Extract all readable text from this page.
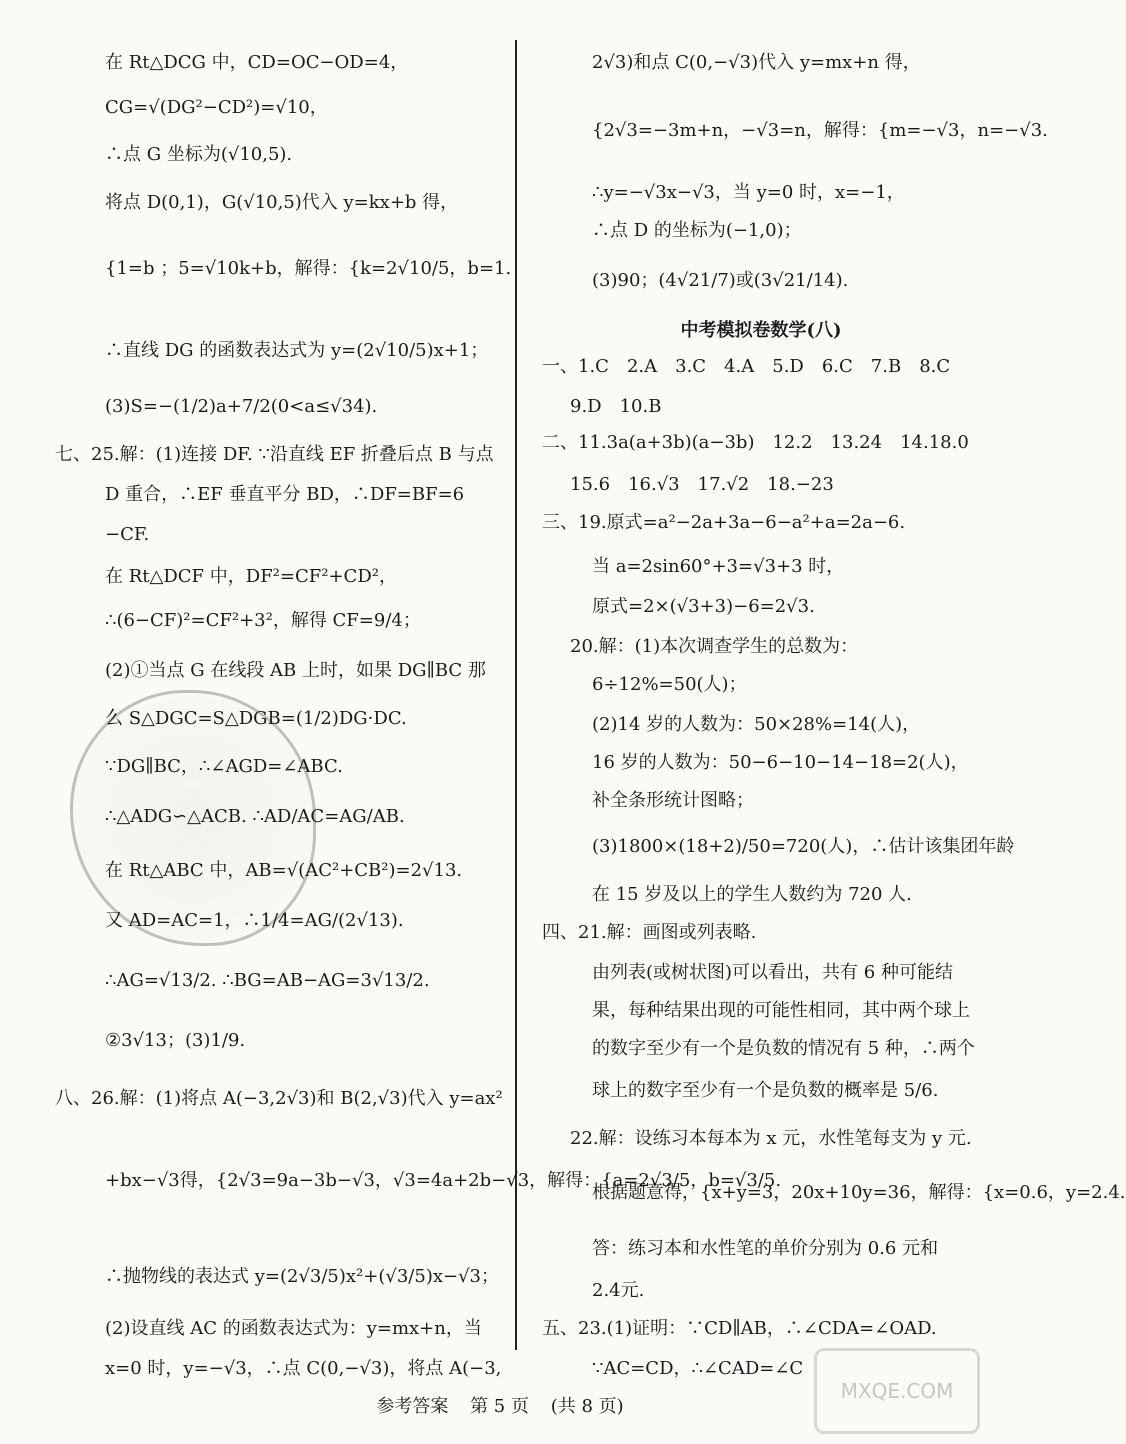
在 Rt△DCG 中，CD=OC−OD=4，
CG=√(DG²−CD²)=√10，
∴点 G 坐标为(√10,5).
将点 D(0,1)，G(√10,5)代入 y=kx+b 得，
{1=b ；5=√10k+b，解得：{k=2√10/5，b=1.
∴直线 DG 的函数表达式为 y=(2√10/5)x+1；
(3)S=−(1/2)a+7/2(0<a≤√34).
七、25.解：(1)连接 DF. ∵沿直线 EF 折叠后点 B 与点
D 重合，∴EF 垂直平分 BD，∴DF=BF=6
−CF.
在 Rt△DCF 中，DF²=CF²+CD²，
∴(6−CF)²=CF²+3²，解得 CF=9/4；
(2)①当点 G 在线段 AB 上时，如果 DG∥BC 那
么 S△DGC=S△DGB=(1/2)DG·DC.
∵DG∥BC，∴∠AGD=∠ABC.
∴△ADG∽△ACB. ∴AD/AC=AG/AB.
在 Rt△ABC 中，AB=√(AC²+CB²)=2√13.
又 AD=AC=1，∴1/4=AG/(2√13).
∴AG=√13/2. ∴BG=AB−AG=3√13/2.
②3√13；(3)1/9.
八、26.解：(1)将点 A(−3,2√3)和 B(2,√3)代入 y=ax²
+bx−√3得，{2√3=9a−3b−√3，√3=4a+2b−√3，解得：{a=2√3/5，b=√3/5.
∴抛物线的表达式 y=(2√3/5)x²+(√3/5)x−√3；
(2)设直线 AC 的函数表达式为：y=mx+n，当
x=0 时，y=−√3，∴点 C(0,−√3)，将点 A(−3,
2√3)和点 C(0,−√3)代入 y=mx+n 得，
{2√3=−3m+n，−√3=n，解得：{m=−√3，n=−√3.
∴y=−√3x−√3，当 y=0 时，x=−1，
∴点 D 的坐标为(−1,0)；
(3)90；(4√21/7)或(3√21/14).
中考模拟卷数学(八)
一、1.C　2.A　3.C　4.A　5.D　6.C　7.B　8.C
9.D　10.B
二、11.3a(a+3b)(a−3b)　12.2　13.24　14.18.0
15.6　16.√3　17.√2　18.−23
三、19.原式=a²−2a+3a−6−a²+a=2a−6.
当 a=2sin60°+3=√3+3 时，
原式=2×(√3+3)−6=2√3.
20.解：(1)本次调查学生的总数为：
6÷12%=50(人)；
(2)14 岁的人数为：50×28%=14(人)，
16 岁的人数为：50−6−10−14−18=2(人)，
补全条形统计图略；
(3)1800×(18+2)/50=720(人)，∴估计该集团年龄
在 15 岁及以上的学生人数约为 720 人.
四、21.解：画图或列表略.
由列表(或树状图)可以看出，共有 6 种可能结
果，每种结果出现的可能性相同，其中两个球上
的数字至少有一个是负数的情况有 5 种，∴两个
球上的数字至少有一个是负数的概率是 5/6.
22.解：设练习本每本为 x 元，水性笔每支为 y 元.
根据题意得，{x+y=3，20x+10y=36，解得：{x=0.6，y=2.4.
答：练习本和水性笔的单价分别为 0.6 元和
2.4元.
五、23.(1)证明：∵CD∥AB，∴∠CDA=∠OAD.
∵AC=CD，∴∠CAD=∠C
参考答案 第 5 页 (共 8 页)
MXQE.COM
